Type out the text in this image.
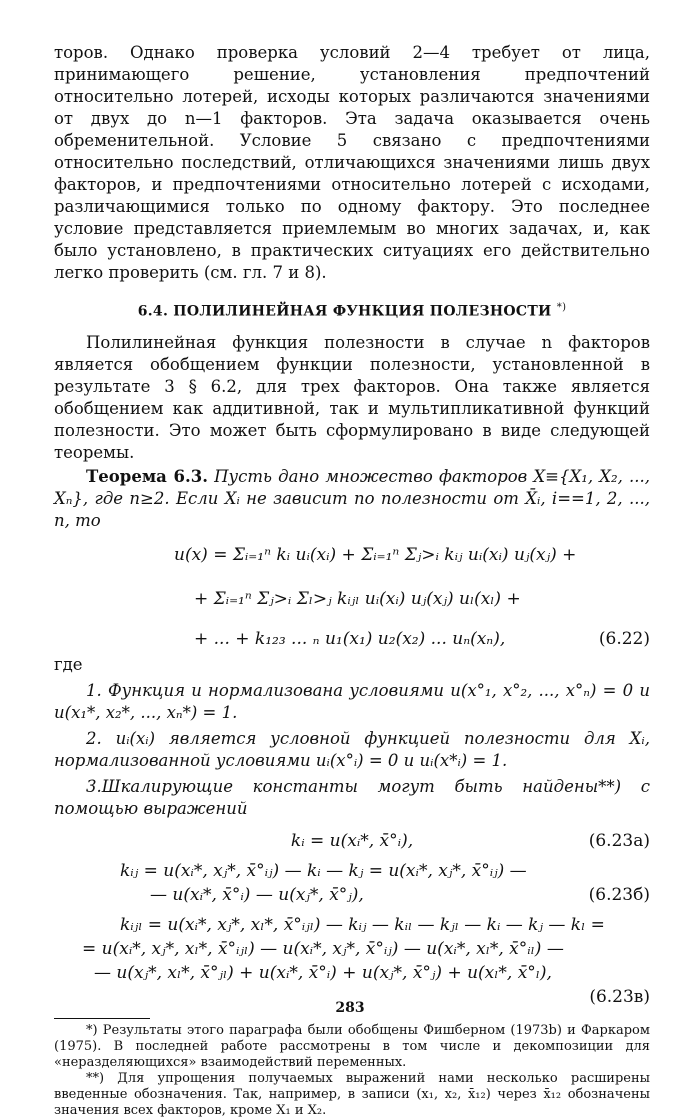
торов. Однако проверка условий 2—4 требует от лица, принимающего решение, установления предпочтений относительно лотерей, исходы которых различаются значениями от двух до n—1 факторов. Эта задача оказывается очень обременительной. Условие 5 связано с предпочтениями относительно последствий, отличающихся значениями лишь двух факторов, и предпочтениями относительно лотерей с исходами, различающимися только по одному фактору. Это последнее условие представляется приемлемым во многих задачах, и, как было установлено, в практических ситуациях его действительно легко проверить (см. гл. 7 и 8).

6.4. ПОЛИЛИНЕЙНАЯ ФУНКЦИЯ ПОЛЕЗНОСТИ *)

Полилинейная функция полезности в случае n факторов является обобщением функции полезности, установленной в результате 3 § 6.2, для трех факторов. Она также является обобщением как аддитивной, так и мультипликативной функций полезности. Это может быть сформулировано в виде следующей теоремы.

Теорема 6.3. Пусть дано множество факторов X≡{X₁, X₂, ..., Xₙ}, где n≥2. Если Xᵢ не зависит по полезности от X̄ᵢ, i==1, 2, ..., n, то

u(x) = Σᵢ₌₁ⁿ kᵢ uᵢ(xᵢ) + Σᵢ₌₁ⁿ Σⱼ>ᵢ kᵢⱼ uᵢ(xᵢ) uⱼ(xⱼ) +
+ Σᵢ₌₁ⁿ Σⱼ>ᵢ Σₗ>ⱼ kᵢⱼₗ uᵢ(xᵢ) uⱼ(xⱼ) uₗ(xₗ) +
+ ... + k₁₂₃ ... ₙ u₁(x₁) u₂(x₂) ... uₙ(xₙ),	(6.22)

где

1. Функция u нормализована условиями u(x°₁, x°₂, ..., x°ₙ) = 0 и u(x₁*, x₂*, ..., xₙ*) = 1.

2. uᵢ(xᵢ) является условной функцией полезности для Xᵢ, нормализованной условиями uᵢ(x°ᵢ) = 0 и uᵢ(x*ᵢ) = 1.

3.Шкалирующие константы могут быть найдены**) с помощью выражений

kᵢ = u(xᵢ*, x̄°ᵢ),	(6.23а)
kᵢⱼ = u(xᵢ*, xⱼ*, x̄°ᵢⱼ) — kᵢ — kⱼ = u(xᵢ*, xⱼ*, x̄°ᵢⱼ) —
— u(xᵢ*, x̄°ᵢ) — u(xⱼ*, x̄°ⱼ),	(6.23б)
kᵢⱼₗ = u(xᵢ*, xⱼ*, xₗ*, x̄°ᵢⱼₗ) — kᵢⱼ — kᵢₗ — kⱼₗ — kᵢ — kⱼ — kₗ =
= u(xᵢ*, xⱼ*, xₗ*, x̄°ᵢⱼₗ) — u(xᵢ*, xⱼ*, x̄°ᵢⱼ) — u(xᵢ*, xₗ*, x̄°ᵢₗ) —
— u(xⱼ*, xₗ*, x̄°ⱼₗ) + u(xᵢ*, x̄°ᵢ) + u(xⱼ*, x̄°ⱼ) + u(xₗ*, x̄°ₗ),
(6.23в)

*) Результаты этого параграфа были обобщены Фишберном (1973b) и Фаркаром (1975). В последней работе рассмотрены в том числе и декомпозиции для «неразделяющихся» взаимодействий переменных.

**) Для упрощения получаемых выражений нами несколько расширены введенные обозначения. Так, например, в записи (x₁, x₂, x̄₁₂) через x̄₁₂ обозначены значения всех факторов, кроме X₁ и X₂.

283
